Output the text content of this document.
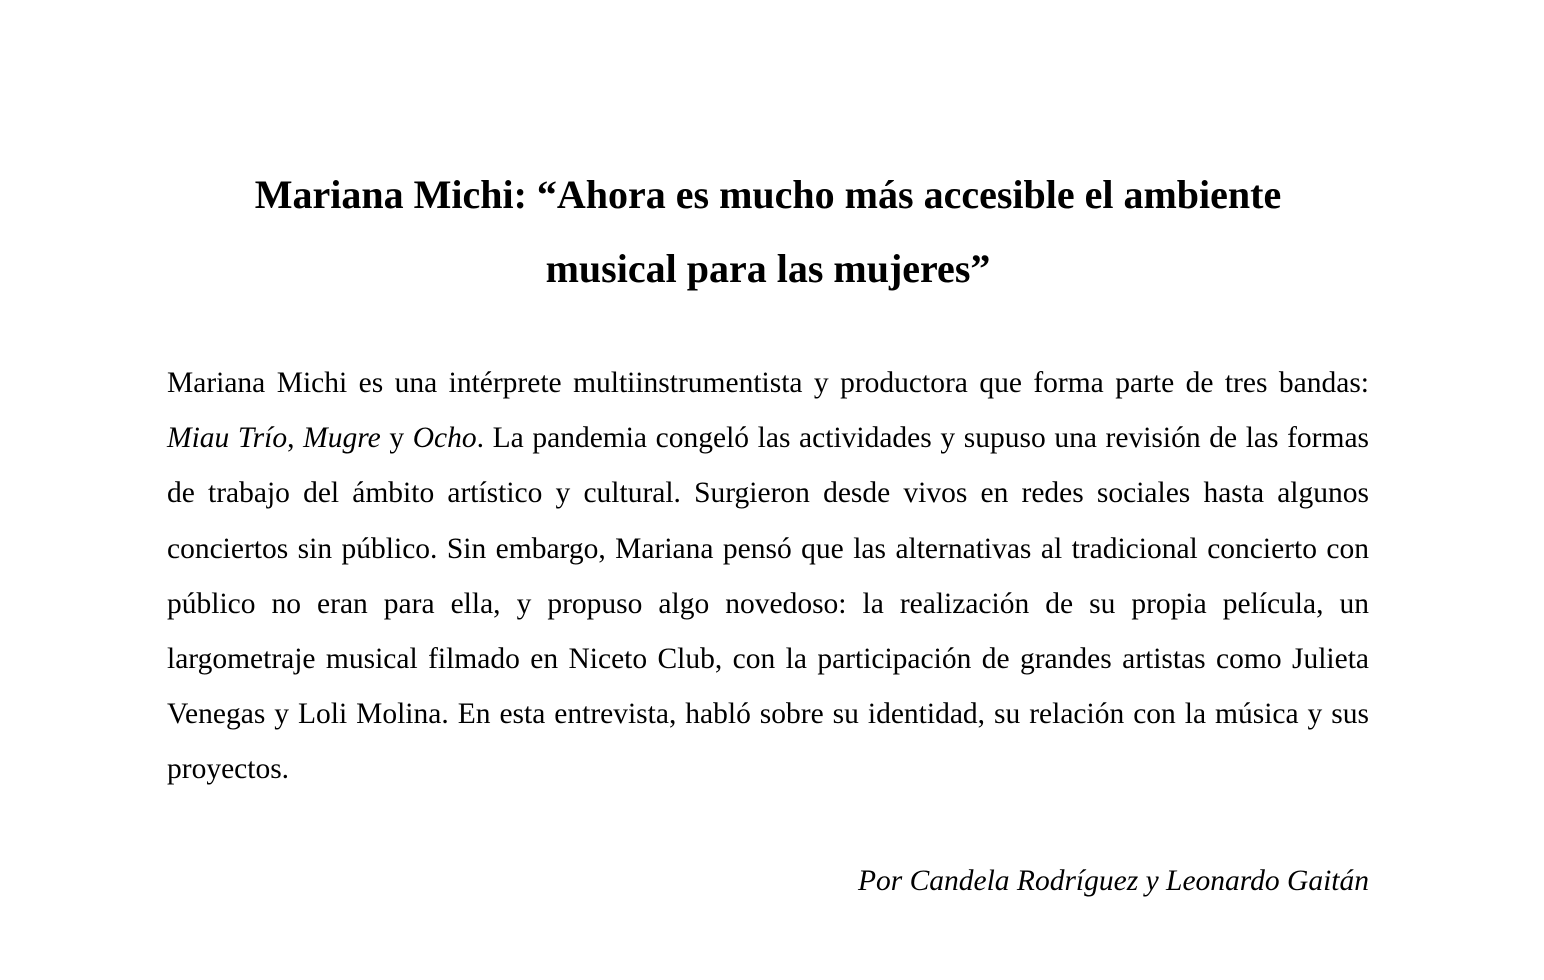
Mariana Michi: “Ahora es mucho más accesible el ambiente
musical para las mujeres”

Mariana Michi es una intérprete multiinstrumentista y productora que forma parte de tres bandas: Miau Trío, Mugre y Ocho. La pandemia congeló las actividades y supuso una revisión de las formas de trabajo del ámbito artístico y cultural. Surgieron desde vivos en redes sociales hasta algunos conciertos sin público. Sin embargo, Mariana pensó que las alternativas al tradicional concierto con público no eran para ella, y propuso algo novedoso: la realización de su propia película, un largometraje musical filmado en Niceto Club, con la participación de grandes artistas como Julieta Venegas y Loli Molina. En esta entrevista, habló sobre su identidad, su relación con la música y sus proyectos.

Por Candela Rodríguez y Leonardo Gaitán
